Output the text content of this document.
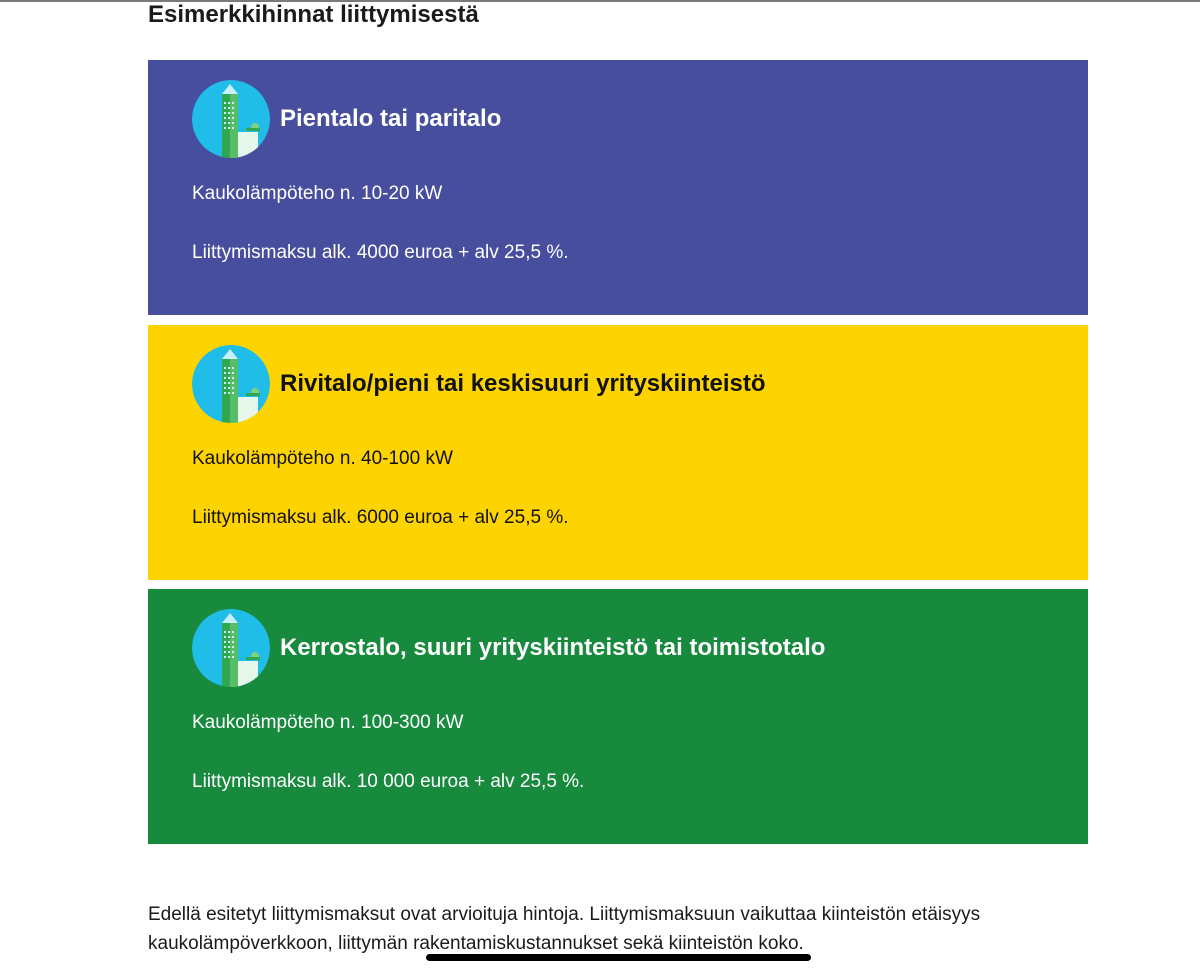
Esimerkkihinnat liittymisestä
Pientalo tai paritalo
Kaukolämpöteho n. 10-20 kW
Liittymismaksu alk. 4000 euroa + alv 25,5 %.
Rivitalo/pieni tai keskisuuri yrityskiinteistö
Kaukolämpöteho n. 40-100 kW
Liittymismaksu alk. 6000 euroa + alv 25,5 %.
Kerrostalo, suuri yrityskiinteistö tai toimistotalo
Kaukolämpöteho n. 100-300 kW
Liittymismaksu alk. 10 000 euroa + alv 25,5 %.

Edellä esitetyt liittymismaksut ovat arvioituja hintoja. Liittymismaksuun vaikuttaa kiinteistön etäisyys

kaukolämpöverkkoon, liittymän rakentamiskustannukset sekä kiinteistön koko.
